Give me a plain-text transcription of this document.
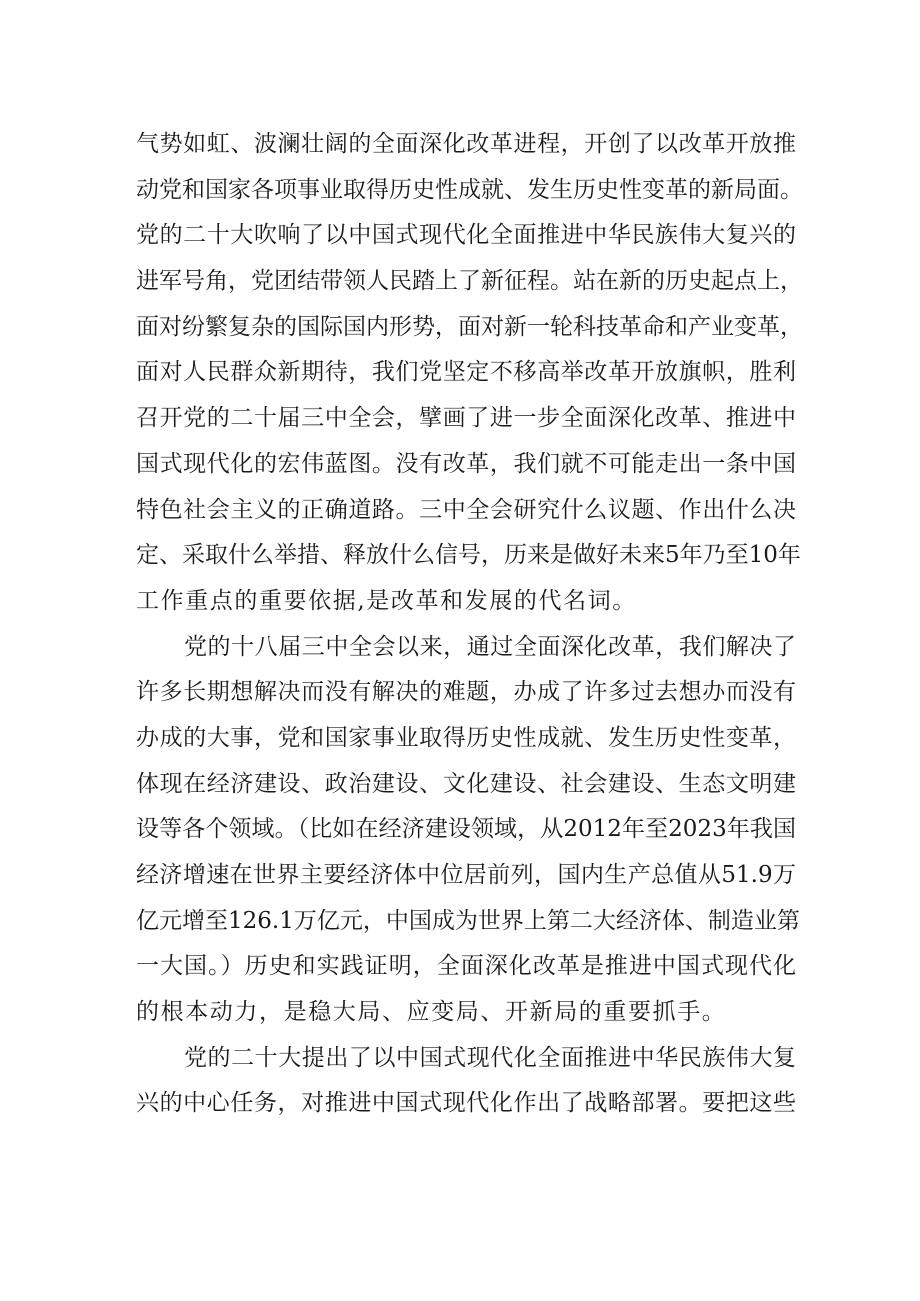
气势如虹、波澜壮阔的全面深化改革进程，开创了以改革开放推
动党和国家各项事业取得历史性成就、发生历史性变革的新局面。
党的二十大吹响了以中国式现代化全面推进中华民族伟大复兴的
进军号角，党团结带领人民踏上了新征程。站在新的历史起点上，
面对纷繁复杂的国际国内形势，面对新一轮科技革命和产业变革，
面对人民群众新期待，我们党坚定不移高举改革开放旗帜，胜利
召开党的二十届三中全会，擘画了进一步全面深化改革、推进中
国式现代化的宏伟蓝图。没有改革，我们就不可能走出一条中国
特色社会主义的正确道路。三中全会研究什么议题、作出什么决
定、采取什么举措、释放什么信号，历来是做好未来5年乃至10年
工作重点的重要依据,是改革和发展的代名词。
党的十八届三中全会以来，通过全面深化改革，我们解决了
许多长期想解决而没有解决的难题，办成了许多过去想办而没有
办成的大事，党和国家事业取得历史性成就、发生历史性变革，
体现在经济建设、政治建设、文化建设、社会建设、生态文明建
设等各个领域。（比如在经济建设领域，从2012年至2023年我国
经济增速在世界主要经济体中位居前列，国内生产总值从51.9万
亿元增至126.1万亿元，中国成为世界上第二大经济体、制造业第
一大国。）历史和实践证明，全面深化改革是推进中国式现代化
的根本动力，是稳大局、应变局、开新局的重要抓手。
党的二十大提出了以中国式现代化全面推进中华民族伟大复
兴的中心任务，对推进中国式现代化作出了战略部署。要把这些
